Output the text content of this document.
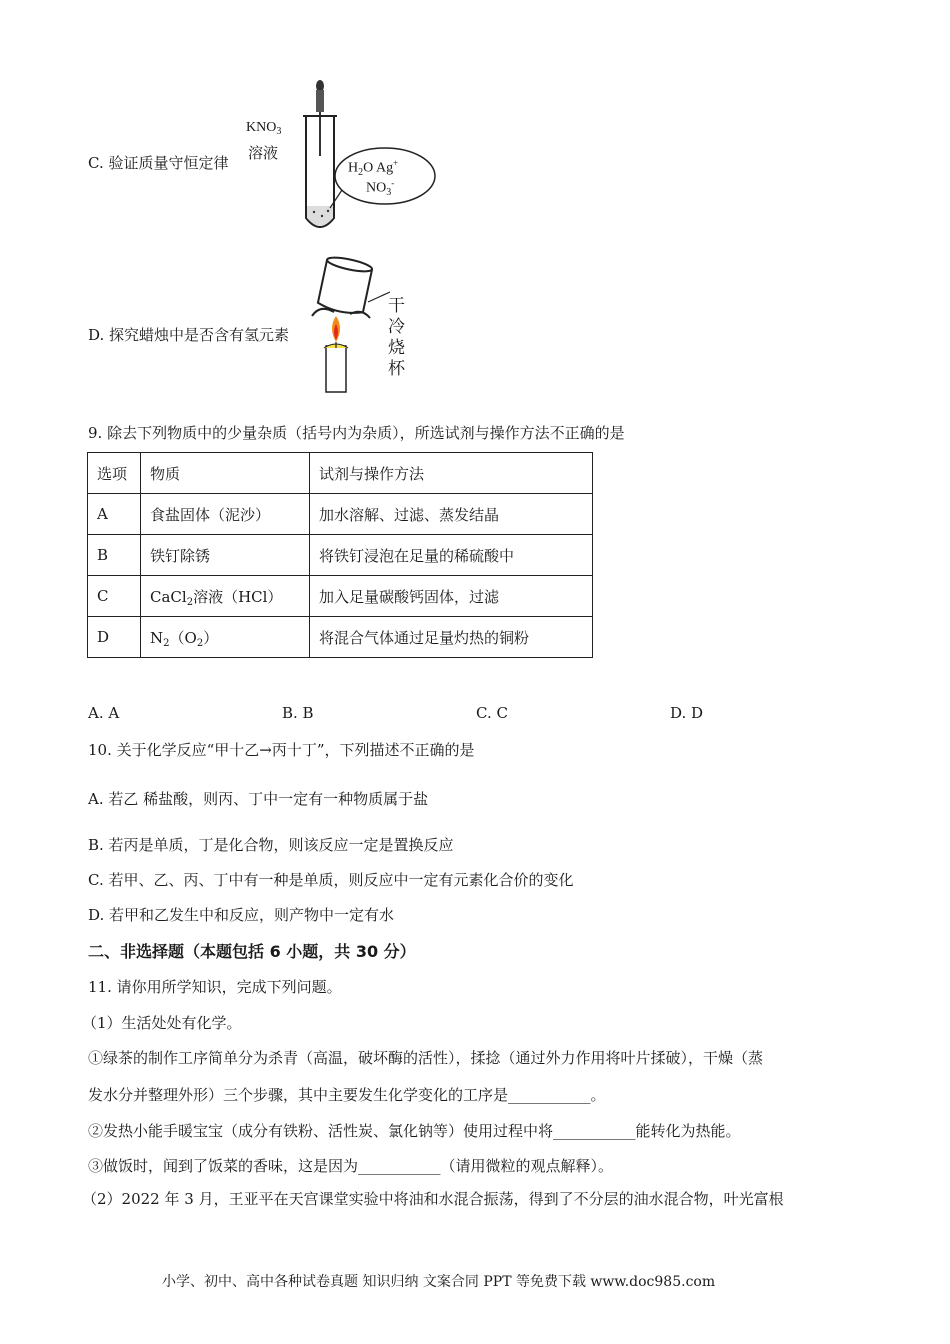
C. 验证质量守恒定律
$KNO_3$
溶液
$H_2O$ Ag+
$NO_3^-$
D. 探究蜡烛中是否含有氢元素
干
冷
烧
杯
9. 除去下列物质中的少量杂质（括号内为杂质），所选试剂与操作方法不正确的是
选项	物质	试剂与操作方法
A	食盐固体（泥沙）	加水溶解、过滤、蒸发结晶
B	铁钉除锈	将铁钉浸泡在足量的稀硫酸中
C	CaCl$_2$溶液（HCl）	加入足量碳酸钙固体，过滤
D	$N_2(O_2)$	将混合气体通过足量灼热的铜粉
A. A	B. B	C. C	D. D
10. 关于化学反应“甲十乙→丙十丁”，下列描述不正确的是
A. 若乙 稀盐酸，则丙、丁中一定有一种物质属于盐
B. 若丙是单质，丁是化合物，则该反应一定是置换反应
C. 若甲、乙、丙、丁中有一种是单质，则反应中一定有元素化合价的变化
D. 若甲和乙发生中和反应，则产物中一定有水
二、非选择题（本题包括 6 小题，共 30 分）
11. 请你用所学知识，完成下列问题。
（1）生活处处有化学。
①绿茶的制作工序简单分为杀青（高温，破坏酶的活性），揉捻（通过外力作用将叶片揉破），干燥（蒸
发水分并整理外形）三个步骤，其中主要发生化学变化的工序是___________。
②发热小能手暖宝宝（成分有铁粉、活性炭、氯化钠等）使用过程中将___________能转化为热能。
③做饭时，闻到了饭菜的香味，这是因为___________（请用微粒的观点解释）。
（2）2022 年 3 月，王亚平在天宫课堂实验中将油和水混合振荡，得到了不分层的油水混合物，叶光富根
小学、初中、高中各种试卷真题 知识归纳 文案合同 PPT 等免费下载 www.doc985.com
